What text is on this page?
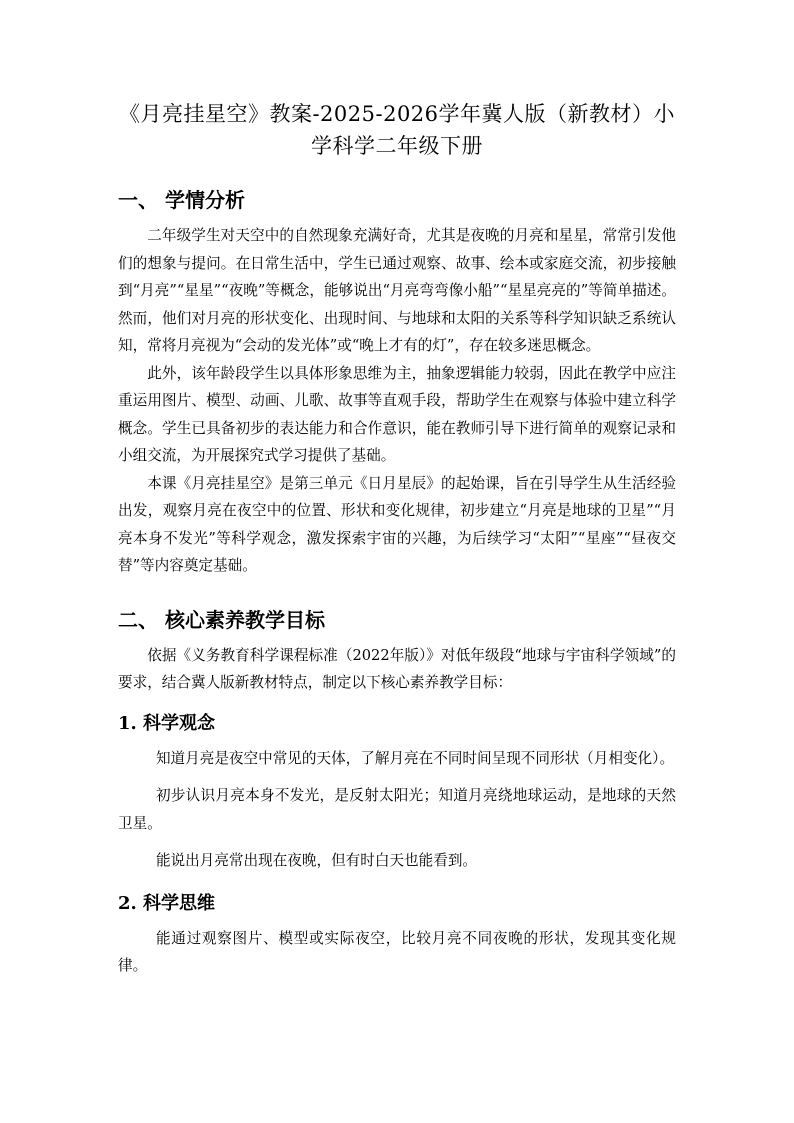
《月亮挂星空》教案-2025-2026学年冀人版（新教材）小学科学二年级下册
一、 学情分析

二年级学生对天空中的自然现象充满好奇，尤其是夜晚的月亮和星星，常常引发他们的想象与提问。在日常生活中，学生已通过观察、故事、绘本或家庭交流，初步接触到“月亮”“星星”“夜晚”等概念，能够说出“月亮弯弯像小船”“星星亮亮的”等简单描述。然而，他们对月亮的形状变化、出现时间、与地球和太阳的关系等科学知识缺乏系统认知，常将月亮视为“会动的发光体”或“晚上才有的灯”，存在较多迷思概念。

此外，该年龄段学生以具体形象思维为主，抽象逻辑能力较弱，因此在教学中应注重运用图片、模型、动画、儿歌、故事等直观手段，帮助学生在观察与体验中建立科学概念。学生已具备初步的表达能力和合作意识，能在教师引导下进行简单的观察记录和小组交流，为开展探究式学习提供了基础。

本课《月亮挂星空》是第三单元《日月星辰》的起始课，旨在引导学生从生活经验出发，观察月亮在夜空中的位置、形状和变化规律，初步建立“月亮是地球的卫星”“月亮本身不发光”等科学观念，激发探索宇宙的兴趣，为后续学习“太阳”“星座”“昼夜交替”等内容奠定基础。

二、 核心素养教学目标

依据《义务教育科学课程标准（2022年版）》对低年级段“地球与宇宙科学领域”的要求，结合冀人版新教材特点，制定以下核心素养教学目标：

1. 科学观念

知道月亮是夜空中常见的天体，了解月亮在不同时间呈现不同形状（月相变化）。

初步认识月亮本身不发光，是反射太阳光；知道月亮绕地球运动，是地球的天然卫星。

能说出月亮常出现在夜晚，但有时白天也能看到。

2. 科学思维

能通过观察图片、模型或实际夜空，比较月亮不同夜晚的形状，发现其变化规律。
